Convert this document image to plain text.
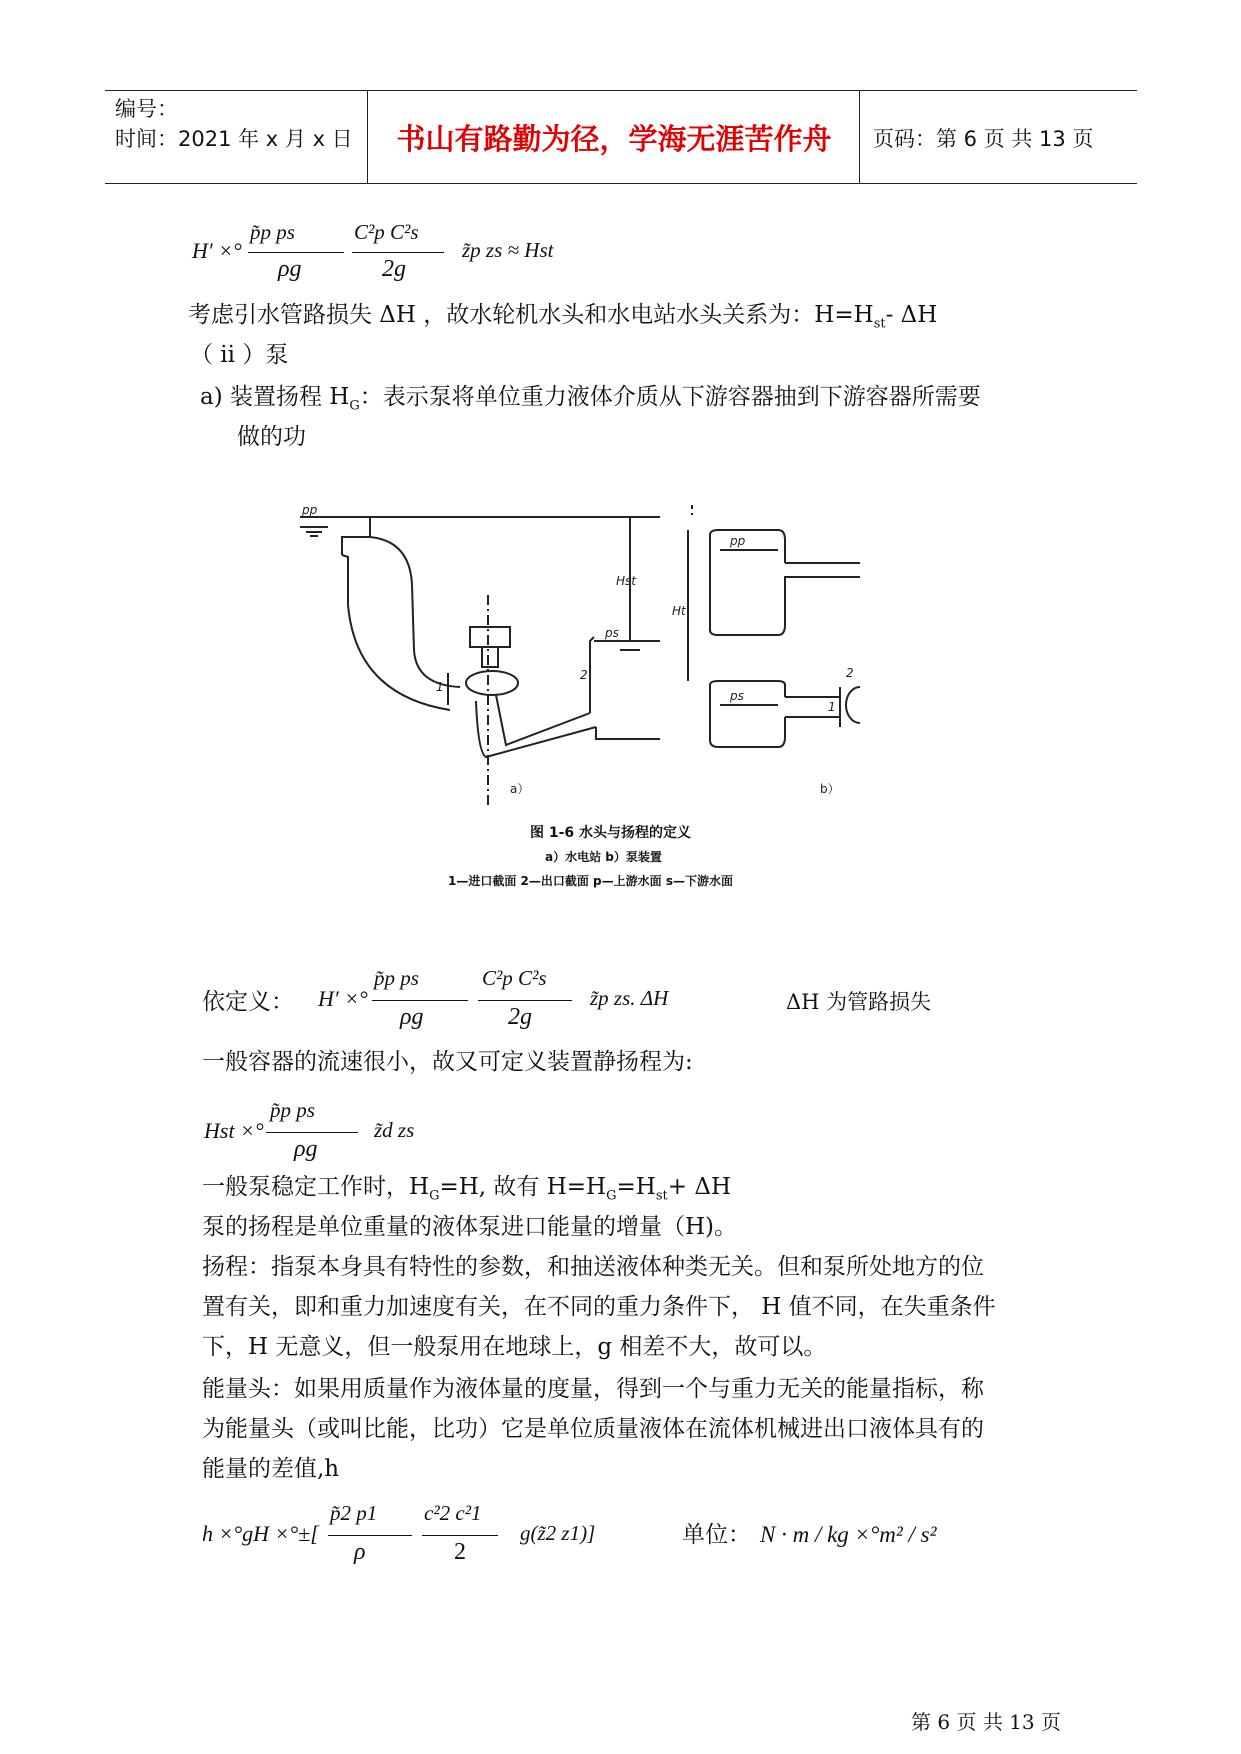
编号：
时间：2021 年 x 月 x 日	书山有路勤为径，学海无涯苦作舟	页码：第 6 页 共 13 页
H′ ×°
p̃p ps
ρg
C²p C²s
2g
z̃p zs ≈ Hst
考虑引水管路损失 ΔH ，故水轮机水头和水电站水头关系为：$H=H_{st}-$ ΔH
（ ii ）泵
a) 装置扬程 $H_G$：表示泵将单位重力液体介质从下游容器抽到下游容器所需要
做的功
pp
ps
Hst
Ht
pp
ps
1
2
1
2
a）	b）
图 1-6 水头与扬程的定义
a）水电站 b）泵装置
1—进口截面 2—出口截面 p—上游水面 s—下游水面
依定义： H′ ×°
p̃p ps
ρg
C²p C²s
2g
z̃p zs. ΔH	ΔH 为管路损失
一般容器的流速很小，故又可定义装置静扬程为:
Hst ×°
p̃p ps
ρg
z̃d zs
一般泵稳定工作时，$H_G=H$, 故有 $H=H_G=H_{st}+ \Delta H$
泵的扬程是单位重量的液体泵进口能量的增量（H)。
扬程：指泵本身具有特性的参数，和抽送液体种类无关。但和泵所处地方的位
置有关，即和重力加速度有关，在不同的重力条件下， H 值不同，在失重条件
下，H 无意义，但一般泵用在地球上，g 相差不大，故可以。
能量头：如果用质量作为液体量的度量，得到一个与重力无关的能量指标，称
为能量头（或叫比能，比功）它是单位质量液体在流体机械进出口液体具有的
能量的差值,h
h ×°gH ×°±[
p̃2 p1
ρ
c²2 c²1
2
g(z̃2 z1)]	单位： N · m / kg ×°m² / s²
第 6 页 共 13 页
